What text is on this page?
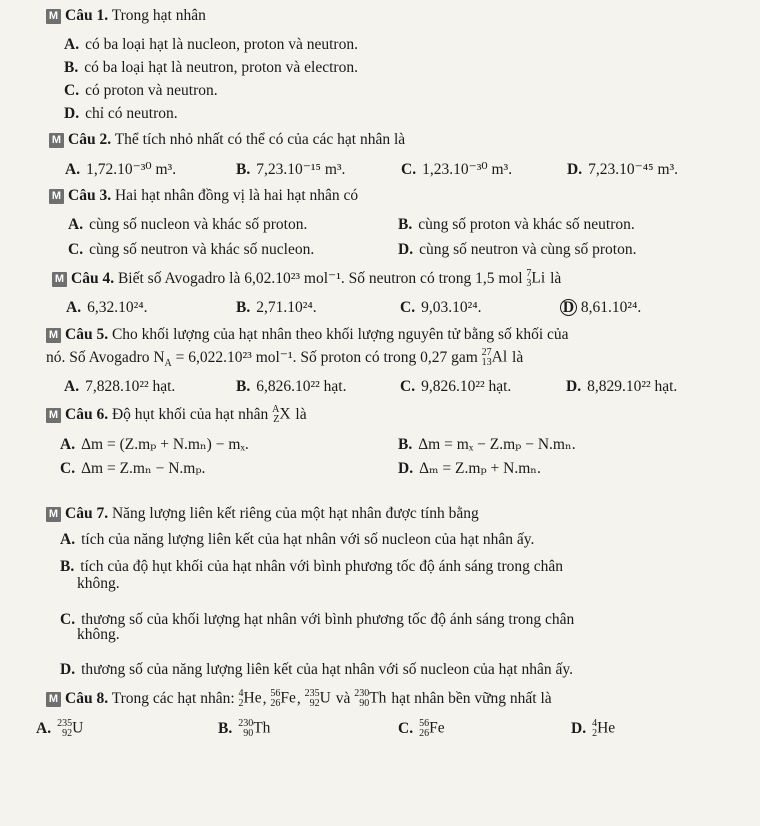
M Câu 1. Trong hạt nhân
A. có ba loại hạt là nucleon, proton và neutron.
B. có ba loại hạt là neutron, proton và electron.
C. có proton và neutron.
D. chỉ có neutron.
M Câu 2. Thể tích nhỏ nhất có thể có của các hạt nhân là
A. 1,72.10⁻³⁰ m³.	B. 7,23.10⁻¹⁵ m³.	C. 1,23.10⁻³⁰ m³.	D. 7,23.10⁻⁴⁵ m³.
M Câu 3. Hai hạt nhân đồng vị là hai hạt nhân có
A. cùng số nucleon và khác số proton.	B. cùng số proton và khác số neutron.
C. cùng số neutron và khác số nucleon.	D. cùng số neutron và cùng số proton.
M Câu 4. Biết số Avogadro là 6,02.10²³ mol⁻¹. Số neutron có trong 1,5 mol 7
3 Li là
A. 6,32.10²⁴.	B. 2,71.10²⁴.	C. 9,03.10²⁴.	D 8,61.10²⁴.
M Câu 5. Cho khối lượng của hạt nhân theo khối lượng nguyên tử bằng số khối của
nó. Số Avogadro $N_A = 6,022.10^{23}$ mol⁻¹. Số proton có trong 0,27 gam 27
13 Al là
A. 7,828.10²² hạt.	B. 6,826.10²² hạt.	C. 9,826.10²² hạt.	D. 8,829.10²² hạt.
M Câu 6. Độ hụt khối của hạt nhân A
Z X là
A. Δm = (Z.mₚ + N.mₙ) − mₓ.	B. Δm = mₓ − Z.mₚ − N.mₙ.
C. Δm = Z.mₙ − N.mₚ.	D. Δₘ = Z.mₚ + N.mₙ.
M Câu 7. Năng lượng liên kết riêng của một hạt nhân được tính bằng
A. tích của năng lượng liên kết của hạt nhân với số nucleon của hạt nhân ấy.
B. tích của độ hụt khối của hạt nhân với bình phương tốc độ ánh sáng trong chân
không.
C. thương số của khối lượng hạt nhân với bình phương tốc độ ánh sáng trong chân
không.
D. thương số của năng lượng liên kết của hạt nhân với số nucleon của hạt nhân ấy.
M Câu 8. Trong các hạt nhân: 4
2 He, 56
26 Fe, 235
92 U và 230
90 Th hạt nhân bền vững nhất là
A. 235
92 U	B. 230
90 Th	C. 56
26 Fe	D. 4
2 He
